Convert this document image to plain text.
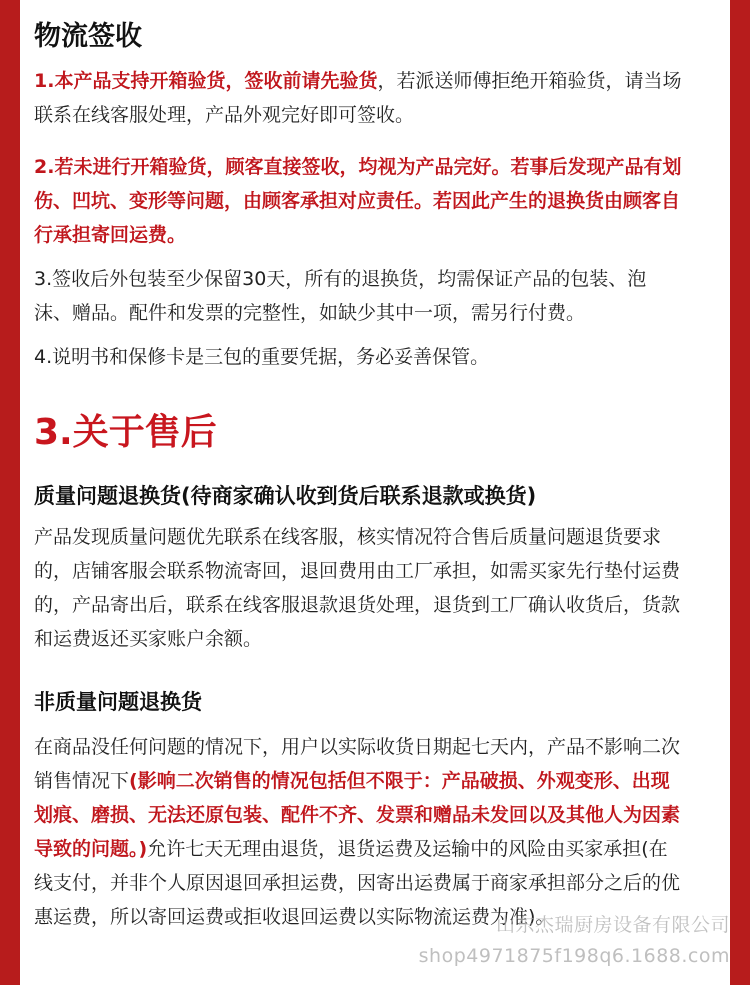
物流签收
1.本产品支持开箱验货，签收前请先验货，若派送师傅拒绝开箱验货，请当场联系在线客服处理，产品外观完好即可签收。
2.若未进行开箱验货，顾客直接签收，均视为产品完好。若事后发现产品有划伤、凹坑、变形等问题，由顾客承担对应责任。若因此产生的退换货由顾客自行承担寄回运费。
3.签收后外包装至少保留30天，所有的退换货，均需保证产品的包装、泡沫、赠品。配件和发票的完整性，如缺少其中一项，需另行付费。
4.说明书和保修卡是三包的重要凭据，务必妥善保管。
3.关于售后
质量问题退换货(待商家确认收到货后联系退款或换货)
产品发现质量问题优先联系在线客服，核实情况符合售后质量问题退货要求的，店铺客服会联系物流寄回，退回费用由工厂承担，如需买家先行垫付运费的，产品寄出后，联系在线客服退款退货处理，退货到工厂确认收货后，货款和运费返还买家账户余额。
非质量问题退换货
在商品没任何问题的情况下，用户以实际收货日期起七天内，产品不影响二次销售情况下(影响二次销售的情况包括但不限于：产品破损、外观变形、出现划痕、磨损、无法还原包装、配件不齐、发票和赠品未发回以及其他人为因素导致的问题。)允许七天无理由退货，退货运费及运输中的风险由买家承担(在线支付，并非个人原因退回承担运费，因寄出运费属于商家承担部分之后的优惠运费，所以寄回运费或拒收退回运费以实际物流运费为准)。
山东杰瑞厨房设备有限公司
shop4971875f198q6.1688.com
